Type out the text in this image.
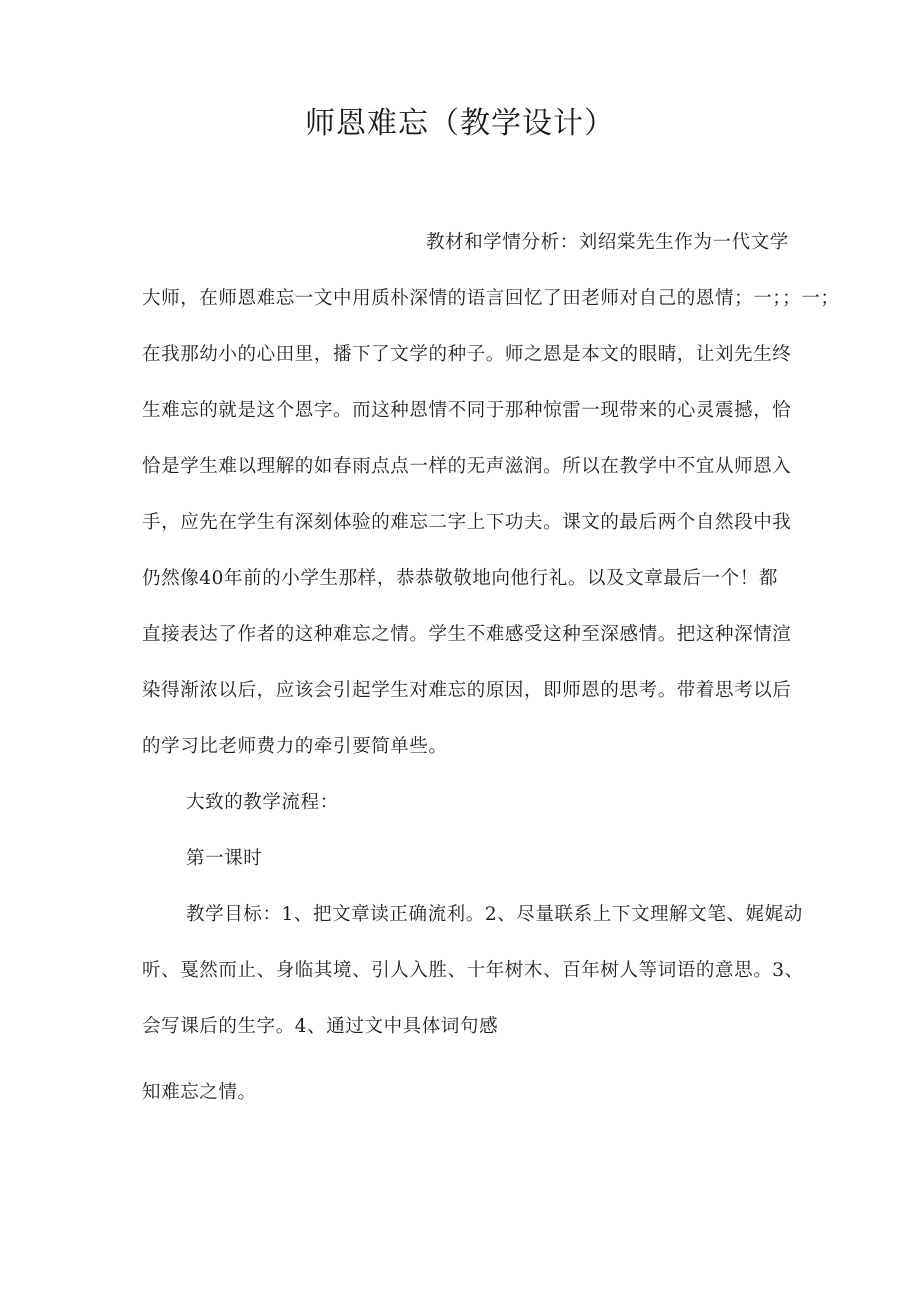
师恩难忘（教学设计）
教材和学情分析：刘绍棠先生作为一代文学
大师，在师恩难忘一文中用质朴深情的语言回忆了田老师对自己的恩情；一；；一；
在我那幼小的心田里，播下了文学的种子。师之恩是本文的眼睛，让刘先生终
生难忘的就是这个恩字。而这种恩情不同于那种惊雷一现带来的心灵震撼，恰
恰是学生难以理解的如春雨点点一样的无声滋润。所以在教学中不宜从师恩入
手，应先在学生有深刻体验的难忘二字上下功夫。课文的最后两个自然段中我
仍然像40年前的小学生那样，恭恭敬敬地向他行礼。以及文章最后一个！都
直接表达了作者的这种难忘之情。学生不难感受这种至深感情。把这种深情渲
染得渐浓以后，应该会引起学生对难忘的原因，即师恩的思考。带着思考以后
的学习比老师费力的牵引要简单些。
大致的教学流程：
第一课时
教学目标：1、把文章读正确流利。2、尽量联系上下文理解文笔、娓娓动
听、戛然而止、身临其境、引人入胜、十年树木、百年树人等词语的意思。3、
会写课后的生字。4、通过文中具体词句感
知难忘之情。
